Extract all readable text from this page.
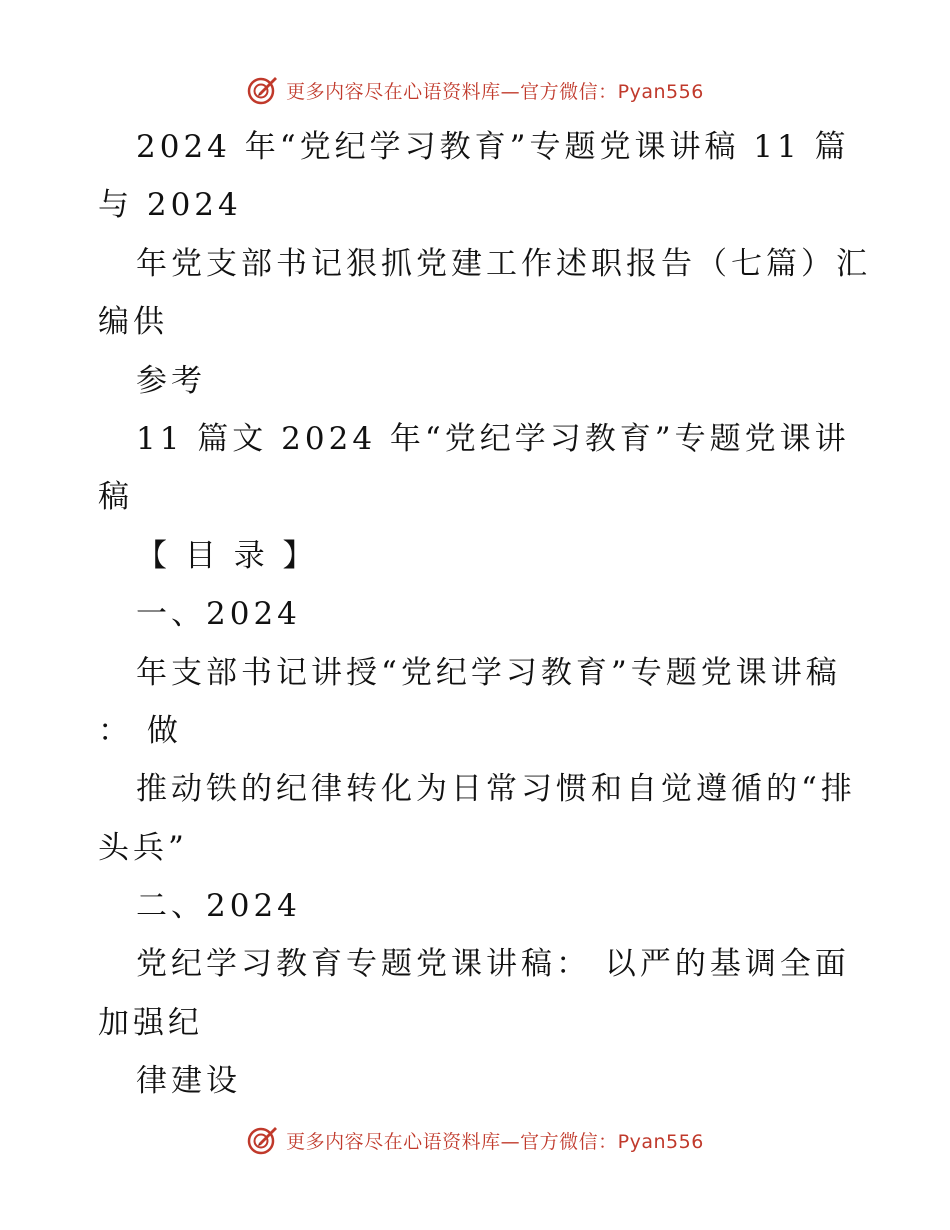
更多内容尽在心语资料库—官方微信：Pyan556
2024 年“党纪学习教育”专题党课讲稿 11 篇
与 2024
年党支部书记狠抓党建工作述职报告（七篇）汇
编供
参考
11 篇文 2024 年“党纪学习教育”专题党课讲
稿
【 目 录 】
一、2024
年支部书记讲授“党纪学习教育”专题党课讲稿
： 做
推动铁的纪律转化为日常习惯和自觉遵循的“排
头兵”
二、2024
党纪学习教育专题党课讲稿： 以严的基调全面
加强纪
律建设
更多内容尽在心语资料库—官方微信：Pyan556
